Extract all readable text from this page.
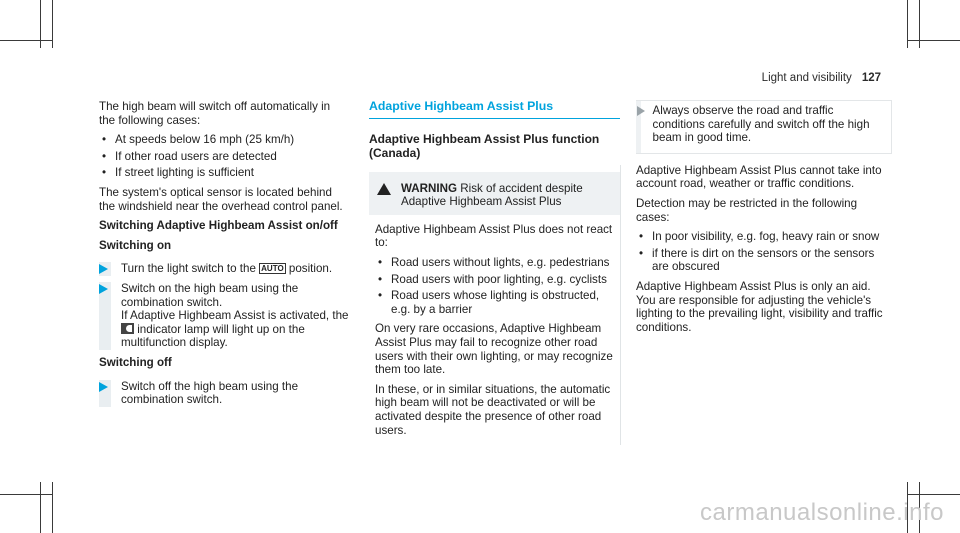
Light and visibility 127

The high beam will switch off automatically in the following cases:

• At speeds below 16 mph (25 km/h)
• If other road users are detected
• If street lighting is sufficient

The system's optical sensor is located behind the windshield near the overhead control panel.

Switching Adaptive Highbeam Assist on/off

Switching on

Turn the light switch to the AUTO position.
Switch on the high beam using the combination switch.
If Adaptive Highbeam Assist is activated, the  indicator lamp will light up on the multifunction display.

Switching off

Switch off the high beam using the combination switch.
Adaptive Highbeam Assist Plus
Adaptive Highbeam Assist Plus function (Canada)
WARNING Risk of accident despite Adaptive Highbeam Assist Plus

Adaptive Highbeam Assist Plus does not react to:

• Road users without lights, e.g. pedestrians
• Road users with poor lighting, e.g. cyclists
• Road users whose lighting is obstructed, e.g. by a barrier

On very rare occasions, Adaptive Highbeam Assist Plus may fail to recognize other road users with their own lighting, or may recognize them too late.

In these, or in similar situations, the automatic high beam will not be deactivated or will be activated despite the presence of other road users.

Always observe the road and traffic conditions carefully and switch off the high beam in good time.

Adaptive Highbeam Assist Plus cannot take into account road, weather or traffic conditions.

Detection may be restricted in the following cases:

• In poor visibility, e.g. fog, heavy rain or snow
• if there is dirt on the sensors or the sensors are obscured

Adaptive Highbeam Assist Plus is only an aid. You are responsible for adjusting the vehicle's lighting to the prevailing light, visibility and traffic conditions.

carmanualsonline.info
